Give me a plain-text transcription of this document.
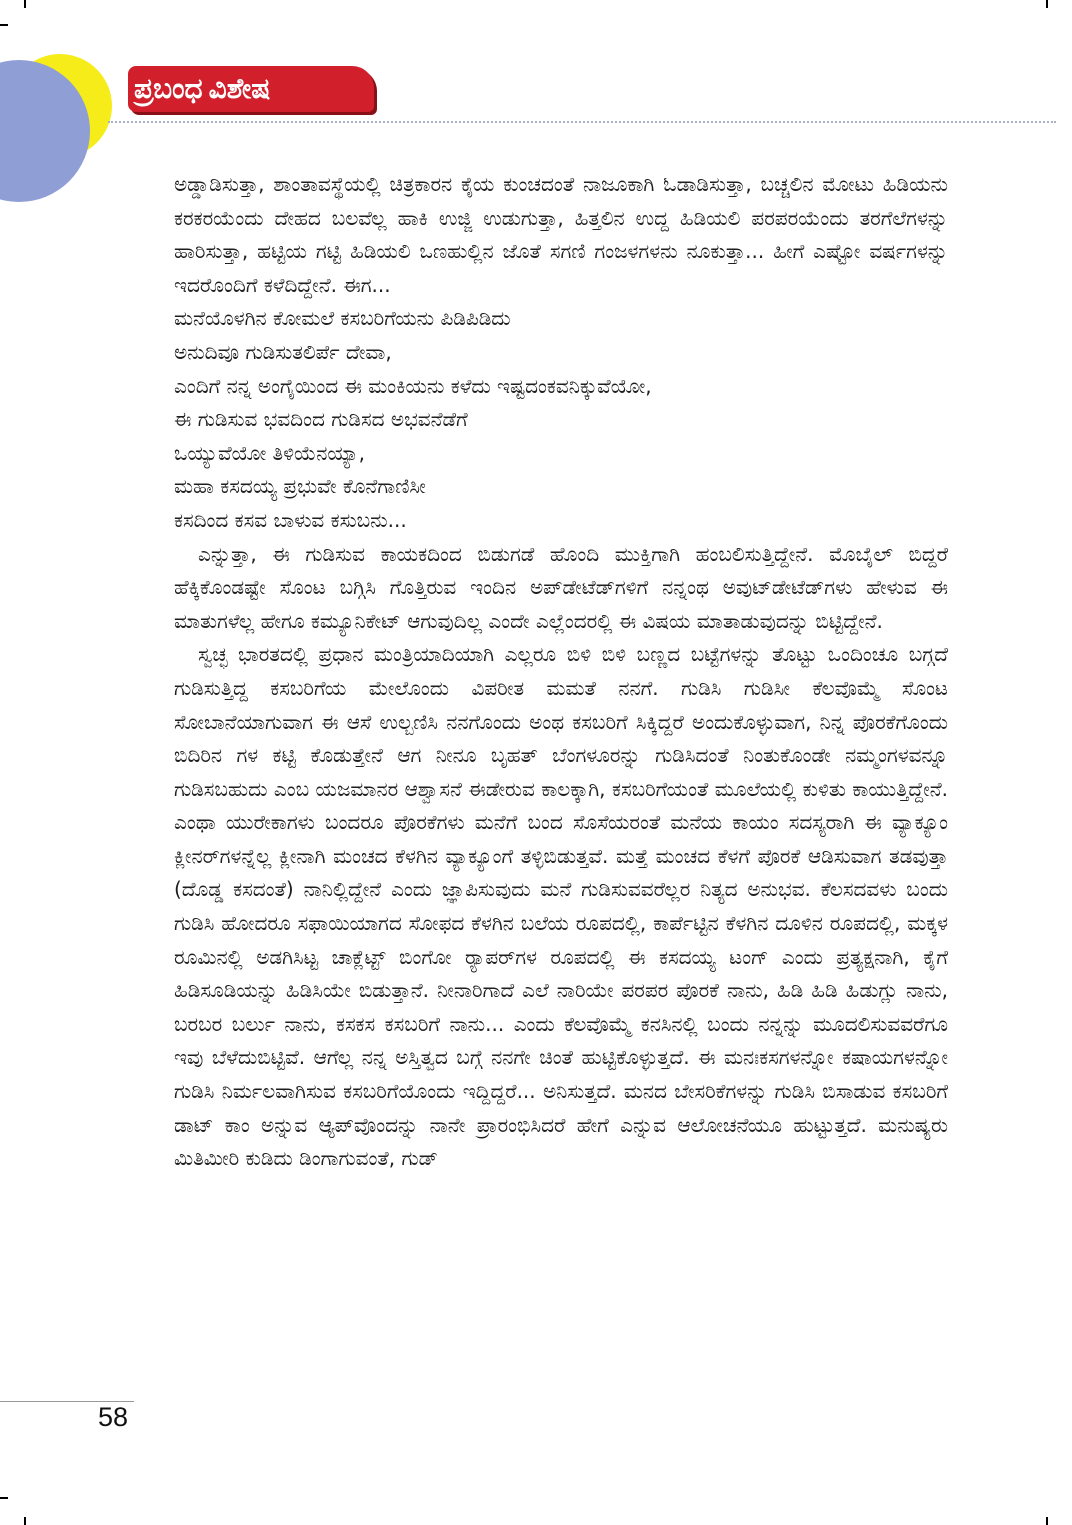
ಪ್ರಬಂಧ ವಿಶೇಷ

ಅಡ್ಡಾಡಿಸುತ್ತಾ, ಶಾಂತಾವಸ್ಥೆಯಲ್ಲಿ ಚಿತ್ರಕಾರನ ಕೈಯ ಕುಂಚದಂತೆ ನಾಜೂಕಾಗಿ ಓಡಾಡಿಸುತ್ತಾ, ಬಚ್ಚಲಿನ ಮೋಟು ಹಿಡಿಯನು ಕರಕರಯೆಂದು ದೇಹದ ಬಲವೆಲ್ಲ ಹಾಕಿ ಉಜ್ಜಿ ಉಡುಗುತ್ತಾ, ಹಿತ್ತಲಿನ ಉದ್ದ ಹಿಡಿಯಲಿ ಪರಪರಯೆಂದು ತರಗೆಲೆಗಳನ್ನು ಹಾರಿಸುತ್ತಾ, ಹಟ್ಟಿಯ ಗಟ್ಟಿ ಹಿಡಿಯಲಿ ಒಣಹುಲ್ಲಿನ ಜೊತೆ ಸಗಣಿ ಗಂಜಳಗಳನು ನೂಕುತ್ತಾ... ಹೀಗೆ ಎಷ್ಟೋ ವರ್ಷಗಳನ್ನು ಇದರೊಂದಿಗೆ ಕಳೆದಿದ್ದೇನೆ. ಈಗ...

ಮನೆಯೊಳಗಿನ ಕೋಮಲೆ ಕಸಬರಿಗೆಯನು ಪಿಡಿಪಿಡಿದು

ಅನುದಿವೂ ಗುಡಿಸುತಲಿರ್ಪೆ ದೇವಾ,

ಎಂದಿಗೆ ನನ್ನ ಅಂಗೈಯಿಂದ ಈ ಮಂಕಿಯನು ಕಳೆದು ಇಷ್ಟದಂಕವನಿಕ್ಕುವೆಯೋ,

ಈ ಗುಡಿಸುವ ಭವದಿಂದ ಗುಡಿಸದ ಅಭವನೆಡೆಗೆ

ಒಯ್ಯುವೆಯೋ ತಿಳಿಯೆನಯ್ಯಾ,

ಮಹಾ ಕಸದಯ್ಯ ಪ್ರಭುವೇ ಕೊನೆಗಾಣಿಸೀ

ಕಸದಿಂದ ಕಸವ ಬಾಳುವ ಕಸುಬನು...

ಎನ್ನುತ್ತಾ, ಈ ಗುಡಿಸುವ ಕಾಯಕದಿಂದ ಬಿಡುಗಡೆ ಹೊಂದಿ ಮುಕ್ತಿಗಾಗಿ ಹಂಬಲಿಸುತ್ತಿದ್ದೇನೆ. ಮೊಬೈಲ್ ಬಿದ್ದರೆ ಹೆಕ್ಕಿಕೊಂಡಷ್ಟೇ ಸೊಂಟ ಬಗ್ಗಿಸಿ ಗೊತ್ತಿರುವ ಇಂದಿನ ಅಪ್‌ಡೇಟೆಡ್‌ಗಳಿಗೆ ನನ್ನಂಥ ಅವುಟ್‌ಡೇಟೆಡ್‌ಗಳು ಹೇಳುವ ಈ ಮಾತುಗಳೆಲ್ಲ ಹೇಗೂ ಕಮ್ಯೂನಿಕೇಟ್ ಆಗುವುದಿಲ್ಲ ಎಂದೇ ಎಲ್ಲೆಂದರಲ್ಲಿ ಈ ವಿಷಯ ಮಾತಾಡುವುದನ್ನು ಬಿಟ್ಟಿದ್ದೇನೆ.

ಸ್ವಚ್ಛ ಭಾರತದಲ್ಲಿ ಪ್ರಧಾನ ಮಂತ್ರಿಯಾದಿಯಾಗಿ ಎಲ್ಲರೂ ಬಿಳಿ ಬಿಳಿ ಬಣ್ಣದ ಬಟ್ಟೆಗಳನ್ನು ತೊಟ್ಟು ಒಂದಿಂಚೂ ಬಗ್ಗದೆ ಗುಡಿಸುತ್ತಿದ್ದ ಕಸಬರಿಗೆಯ ಮೇಲೊಂದು ವಿಪರೀತ ಮಮತೆ ನನಗೆ. ಗುಡಿಸಿ ಗುಡಿಸೀ ಕೆಲವೊಮ್ಮೆ ಸೊಂಟ ಸೋಬಾನೆಯಾಗುವಾಗ ಈ ಆಸೆ ಉಲ್ಬಣಿಸಿ ನನಗೊಂದು ಅಂಥ ಕಸಬರಿಗೆ ಸಿಕ್ಕಿದ್ದರೆ ಅಂದುಕೊಳ್ಳುವಾಗ, ನಿನ್ನ ಪೊರಕೆಗೊಂದು ಬಿದಿರಿನ ಗಳ ಕಟ್ಟಿ ಕೊಡುತ್ತೇನೆ ಆಗ ನೀನೂ ಬೃಹತ್ ಬೆಂಗಳೂರನ್ನು ಗುಡಿಸಿದಂತೆ ನಿಂತುಕೊಂಡೇ ನಮ್ಮಂಗಳವನ್ನೂ ಗುಡಿಸಬಹುದು ಎಂಬ ಯಜಮಾನರ ಆಶ್ವಾಸನೆ ಈಡೇರುವ ಕಾಲಕ್ಕಾಗಿ, ಕಸಬರಿಗೆಯಂತೆ ಮೂಲೆಯಲ್ಲಿ ಕುಳಿತು ಕಾಯುತ್ತಿದ್ದೇನೆ. ಎಂಥಾ ಯುರೇಕಾಗಳು ಬಂದರೂ ಪೊರಕೆಗಳು ಮನೆಗೆ ಬಂದ ಸೊಸೆಯರಂತೆ ಮನೆಯ ಕಾಯಂ ಸದಸ್ಯರಾಗಿ ಈ ವ್ಯಾಕ್ಯೂಂ ಕ್ಲೀನರ್‌ಗಳನ್ನೆಲ್ಲ ಕ್ಲೀನಾಗಿ ಮಂಚದ ಕೆಳಗಿನ ವ್ಯಾಕ್ಯೂಂಗೆ ತಳ್ಳಿಬಿಡುತ್ತವೆ. ಮತ್ತೆ ಮಂಚದ ಕೆಳಗೆ ಪೊರಕೆ ಆಡಿಸುವಾಗ ತಡವುತ್ತಾ (ದೊಡ್ಡ ಕಸದಂತೆ) ನಾನಿಲ್ಲಿದ್ದೇನೆ ಎಂದು ಜ್ಞಾಪಿಸುವುದು ಮನೆ ಗುಡಿಸುವವರೆಲ್ಲರ ನಿತ್ಯದ ಅನುಭವ. ಕೆಲಸದವಳು ಬಂದು ಗುಡಿಸಿ ಹೋದರೂ ಸಫಾಯಿಯಾಗದ ಸೋಫದ ಕೆಳಗಿನ ಬಲೆಯ ರೂಪದಲ್ಲಿ, ಕಾರ್ಪೆಟ್ಟಿನ ಕೆಳಗಿನ ದೂಳಿನ ರೂಪದಲ್ಲಿ, ಮಕ್ಕಳ ರೂಮಿನಲ್ಲಿ ಅಡಗಿಸಿಟ್ಟ ಚಾಕ್ಲೆಟ್ಟ್ ಬಿಂಗೋ ರ್‍ಯಾಪರ್‌ಗಳ ರೂಪದಲ್ಲಿ ಈ ಕಸದಯ್ಯ ಟಂಗ್ ಎಂದು ಪ್ರತ್ಯಕ್ಷನಾಗಿ, ಕೈಗೆ ಹಿಡಿಸೂಡಿಯನ್ನು ಹಿಡಿಸಿಯೇ ಬಿಡುತ್ತಾನೆ. ನೀನಾರಿಗಾದೆ ಎಲೆ ನಾರಿಯೇ ಪರಪರ ಪೊರಕೆ ನಾನು, ಹಿಡಿ ಹಿಡಿ ಹಿಡುಗ್ಲು ನಾನು, ಬರಬರ ಬರ್ಲು ನಾನು, ಕಸಕಸ ಕಸಬರಿಗೆ ನಾನು... ಎಂದು ಕೆಲವೊಮ್ಮೆ ಕನಸಿನಲ್ಲಿ ಬಂದು ನನ್ನನ್ನು ಮೂದಲಿಸುವವರೆಗೂ ಇವು ಬೆಳೆದುಬಿಟ್ಟಿವೆ. ಆಗೆಲ್ಲ ನನ್ನ ಅಸ್ತಿತ್ವದ ಬಗ್ಗೆ ನನಗೇ ಚಿಂತೆ ಹುಟ್ಟಿಕೊಳ್ಳುತ್ತದೆ. ಈ ಮನಃಕಸಗಳನ್ನೋ ಕಷಾಯಗಳನ್ನೋ ಗುಡಿಸಿ ನಿರ್ಮಲವಾಗಿಸುವ ಕಸಬರಿಗೆಯೊಂದು ಇದ್ದಿದ್ದರೆ... ಅನಿಸುತ್ತದೆ. ಮನದ ಬೇಸರಿಕೆಗಳನ್ನು ಗುಡಿಸಿ ಬಿಸಾಡುವ ಕಸಬರಿಗೆ ಡಾಟ್ ಕಾಂ ಅನ್ನುವ ಆ್ಯಪ್‌ವೊಂದನ್ನು ನಾನೇ ಪ್ರಾರಂಭಿಸಿದರೆ ಹೇಗೆ ಎನ್ನುವ ಆಲೋಚನೆಯೂ ಹುಟ್ಟುತ್ತದೆ. ಮನುಷ್ಯರು ಮಿತಿಮೀರಿ ಕುಡಿದು ಡಿಂಗಾಗುವಂತೆ, ಗುಡ್

58
